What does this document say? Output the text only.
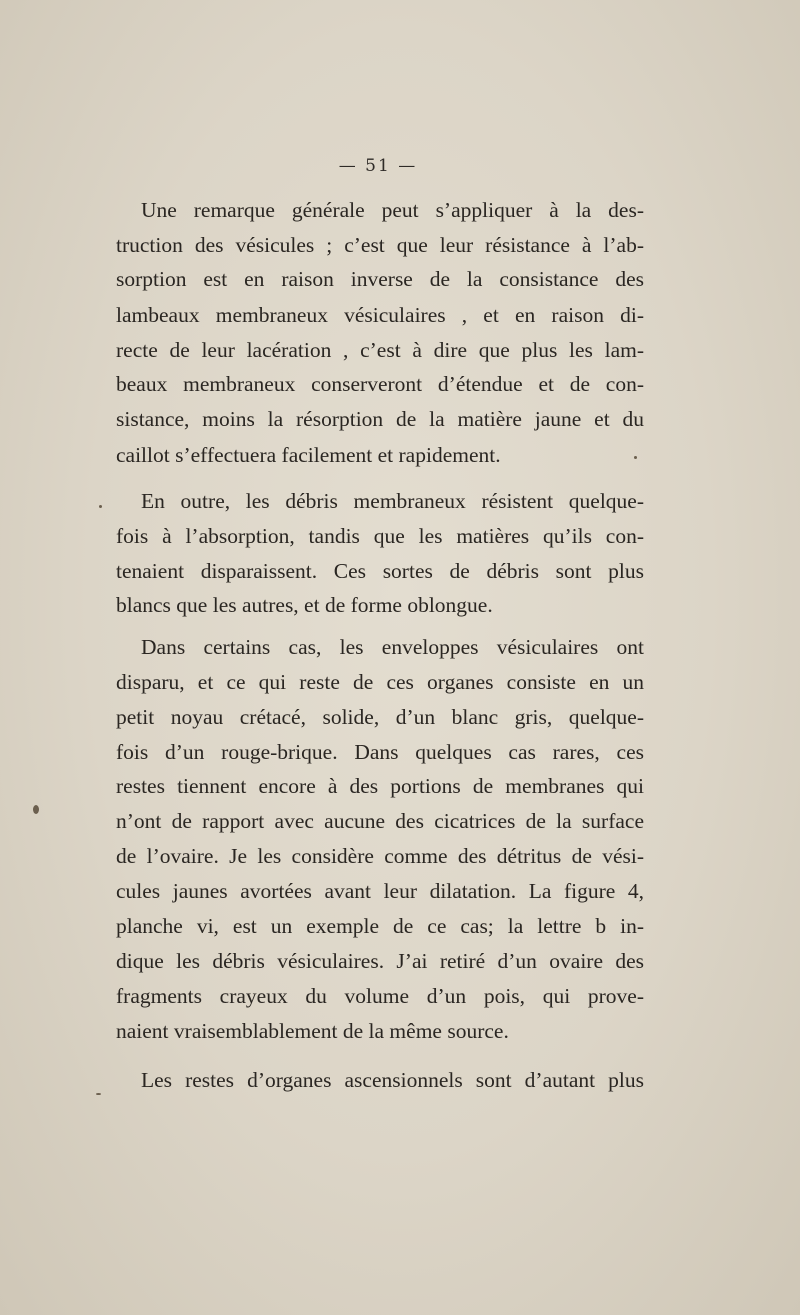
— 51 —
Une remarque générale peut s’appliquer à la des-
truction des vésicules ; c’est que leur résistance à l’ab-
sorption est en raison inverse de la consistance des
lambeaux membraneux vésiculaires , et en raison di-
recte de leur lacération , c’est à dire que plus les lam-
beaux membraneux conserveront d’étendue et de con-
sistance, moins la résorption de la matière jaune et du
caillot s’effectuera facilement et rapidement.
En outre, les débris membraneux résistent quelque-
fois à l’absorption, tandis que les matières qu’ils con-
tenaient disparaissent. Ces sortes de débris sont plus
blancs que les autres, et de forme oblongue.
Dans certains cas, les enveloppes vésiculaires ont
disparu, et ce qui reste de ces organes consiste en un
petit noyau crétacé, solide, d’un blanc gris, quelque-
fois d’un rouge-brique. Dans quelques cas rares, ces
restes tiennent encore à des portions de membranes qui
n’ont de rapport avec aucune des cicatrices de la surface
de l’ovaire. Je les considère comme des détritus de vési-
cules jaunes avortées avant leur dilatation. La figure 4,
planche vi, est un exemple de ce cas; la lettre b in-
dique les débris vésiculaires. J’ai retiré d’un ovaire des
fragments crayeux du volume d’un pois, qui prove-
naient vraisemblablement de la même source.
Les restes d’organes ascensionnels sont d’autant plus
